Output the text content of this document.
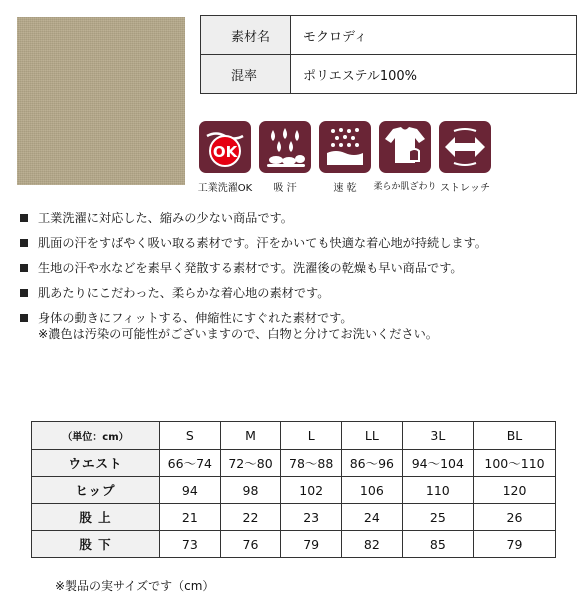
素材名	モクロディ
混率	ポリエステル100%
OK
工業洗濯OK	吸 汗	速 乾	柔らか肌ざわり ストレッチ
工業洗濯に対応した、縮みの少ない商品です。
肌面の汗をすばやく吸い取る素材です。汗をかいても快適な着心地が持続します。
生地の汗や水などを素早く発散する素材です。洗濯後の乾燥も早い商品です。
肌あたりにこだわった、柔らかな着心地の素材です。
身体の動きにフィットする、伸縮性にすぐれた素材です。
※濃色は汚染の可能性がございますので、白物と分けてお洗いください。
（単位：cm）	S	M	L	LL	3L	BL
ウエスト	66〜74	72〜80	78〜88	86〜96	94〜104	100〜110
ヒップ	94	98	102	106	110	120
股 上	21	22	23	24	25	26
股 下	73	76	79	82	85	79
※製品の実サイズです（cm）
